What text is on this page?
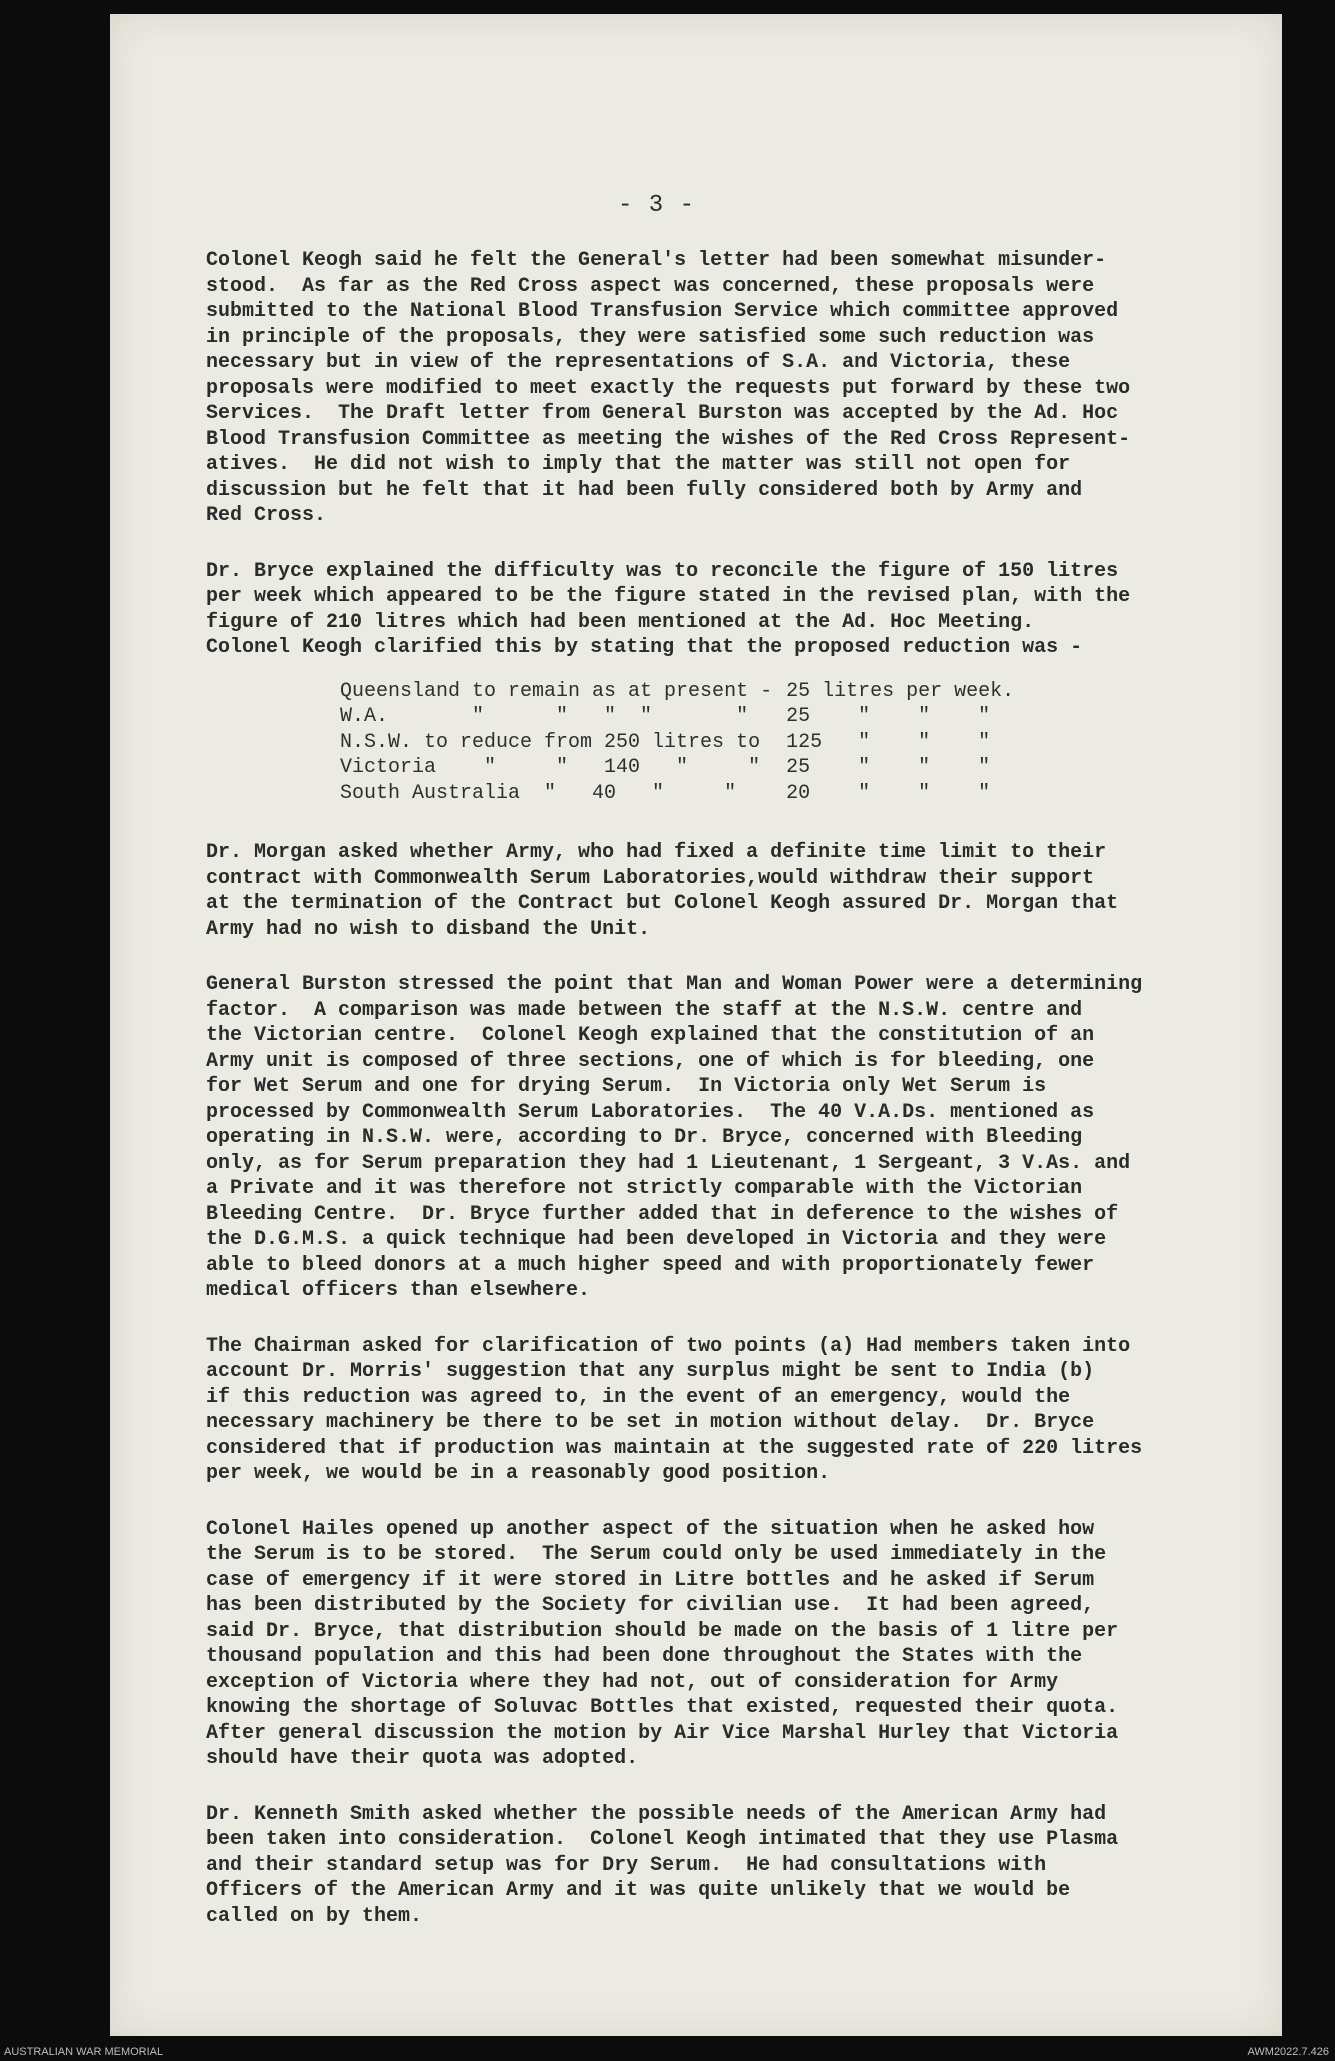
- 3 -

Colonel Keogh said he felt the General's letter had been somewhat misunder-
stood.  As far as the Red Cross aspect was concerned, these proposals were
submitted to the National Blood Transfusion Service which committee approved
in principle of the proposals, they were satisfied some such reduction was
necessary but in view of the representations of S.A. and Victoria, these
proposals were modified to meet exactly the requests put forward by these two
Services.  The Draft letter from General Burston was accepted by the Ad. Hoc
Blood Transfusion Committee as meeting the wishes of the Red Cross Represent-
atives.  He did not wish to imply that the matter was still not open for
discussion but he felt that it had been fully considered both by Army and
Red Cross.

Dr. Bryce explained the difficulty was to reconcile the figure of 150 litres
per week which appeared to be the figure stated in the revised plan, with the
figure of 210 litres which had been mentioned at the Ad. Hoc Meeting.
Colonel Keogh clarified this by stating that the proposed reduction was -

Queensland to remain as at present -		25 litres per week.
W.A.       "      "   "  "       "		25    "    "    "
N.S.W. to reduce from 250 litres to		125   "    "    "
Victoria    "     "   140   "     "		25    "    "    "
South Australia  "   40   "     "		20    "    "    "

Dr. Morgan asked whether Army, who had fixed a definite time limit to their
contract with Commonwealth Serum Laboratories,would withdraw their support
at the termination of the Contract but Colonel Keogh assured Dr. Morgan that
Army had no wish to disband the Unit.

General Burston stressed the point that Man and Woman Power were a determining
factor.  A comparison was made between the staff at the N.S.W. centre and
the Victorian centre.  Colonel Keogh explained that the constitution of an
Army unit is composed of three sections, one of which is for bleeding, one
for Wet Serum and one for drying Serum.  In Victoria only Wet Serum is
processed by Commonwealth Serum Laboratories.  The 40 V.A.Ds. mentioned as
operating in N.S.W. were, according to Dr. Bryce, concerned with Bleeding
only, as for Serum preparation they had 1 Lieutenant, 1 Sergeant, 3 V.As. and
a Private and it was therefore not strictly comparable with the Victorian
Bleeding Centre.  Dr. Bryce further added that in deference to the wishes of
the D.G.M.S. a quick technique had been developed in Victoria and they were
able to bleed donors at a much higher speed and with proportionately fewer
medical officers than elsewhere.

The Chairman asked for clarification of two points (a) Had members taken into
account Dr. Morris' suggestion that any surplus might be sent to India (b)
if this reduction was agreed to, in the event of an emergency, would the
necessary machinery be there to be set in motion without delay.  Dr. Bryce
considered that if production was maintain at the suggested rate of 220 litres
per week, we would be in a reasonably good position.

Colonel Hailes opened up another aspect of the situation when he asked how
the Serum is to be stored.  The Serum could only be used immediately in the
case of emergency if it were stored in Litre bottles and he asked if Serum
has been distributed by the Society for civilian use.  It had been agreed,
said Dr. Bryce, that distribution should be made on the basis of 1 litre per
thousand population and this had been done throughout the States with the
exception of Victoria where they had not, out of consideration for Army
knowing the shortage of Soluvac Bottles that existed, requested their quota.
After general discussion the motion by Air Vice Marshal Hurley that Victoria
should have their quota was adopted.

Dr. Kenneth Smith asked whether the possible needs of the American Army had
been taken into consideration.  Colonel Keogh intimated that they use Plasma
and their standard setup was for Dry Serum.  He had consultations with
Officers of the American Army and it was quite unlikely that we would be
called on by them.

AUSTRALIAN WAR MEMORIAL	AWM2022.7.426
